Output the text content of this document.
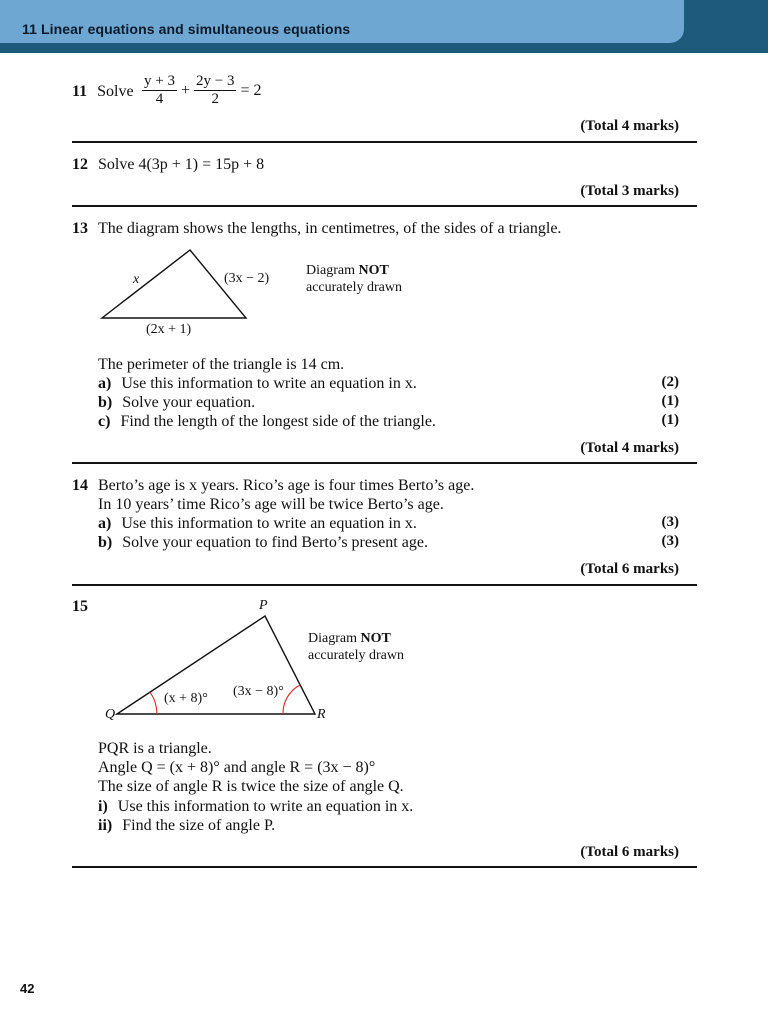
11 Linear equations and simultaneous equations
11 Solve $\frac{y + 3}{4} + \frac{2y - 3}{2} = 2$
(Total 4 marks)
12 Solve 4(3p + 1) = 15p + 8
(Total 3 marks)
13 The diagram shows the lengths, in centimetres, of the sides of a triangle.
x	(3x − 2)
(2x + 1)
Diagram NOT
accurately drawn
The perimeter of the triangle is 14 cm.
a) Use this information to write an equation in x.	(2)
b) Solve your equation.	(1)
c) Find the length of the longest side of the triangle.	(1)
(Total 4 marks)
14 Berto’s age is x years. Rico’s age is four times Berto’s age.
In 10 years’ time Rico’s age will be twice Berto’s age.
a) Use this information to write an equation in x.	(3)
b) Solve your equation to find Berto’s present age.	(3)
(Total 6 marks)
15	P
Q	R
(x + 8)° (3x − 8)°
Diagram NOT
accurately drawn
PQR is a triangle.
Angle Q = (x + 8)° and angle R = (3x − 8)°
The size of angle R is twice the size of angle Q.
i) Use this information to write an equation in x.
ii) Find the size of angle P.
(Total 6 marks)
42
